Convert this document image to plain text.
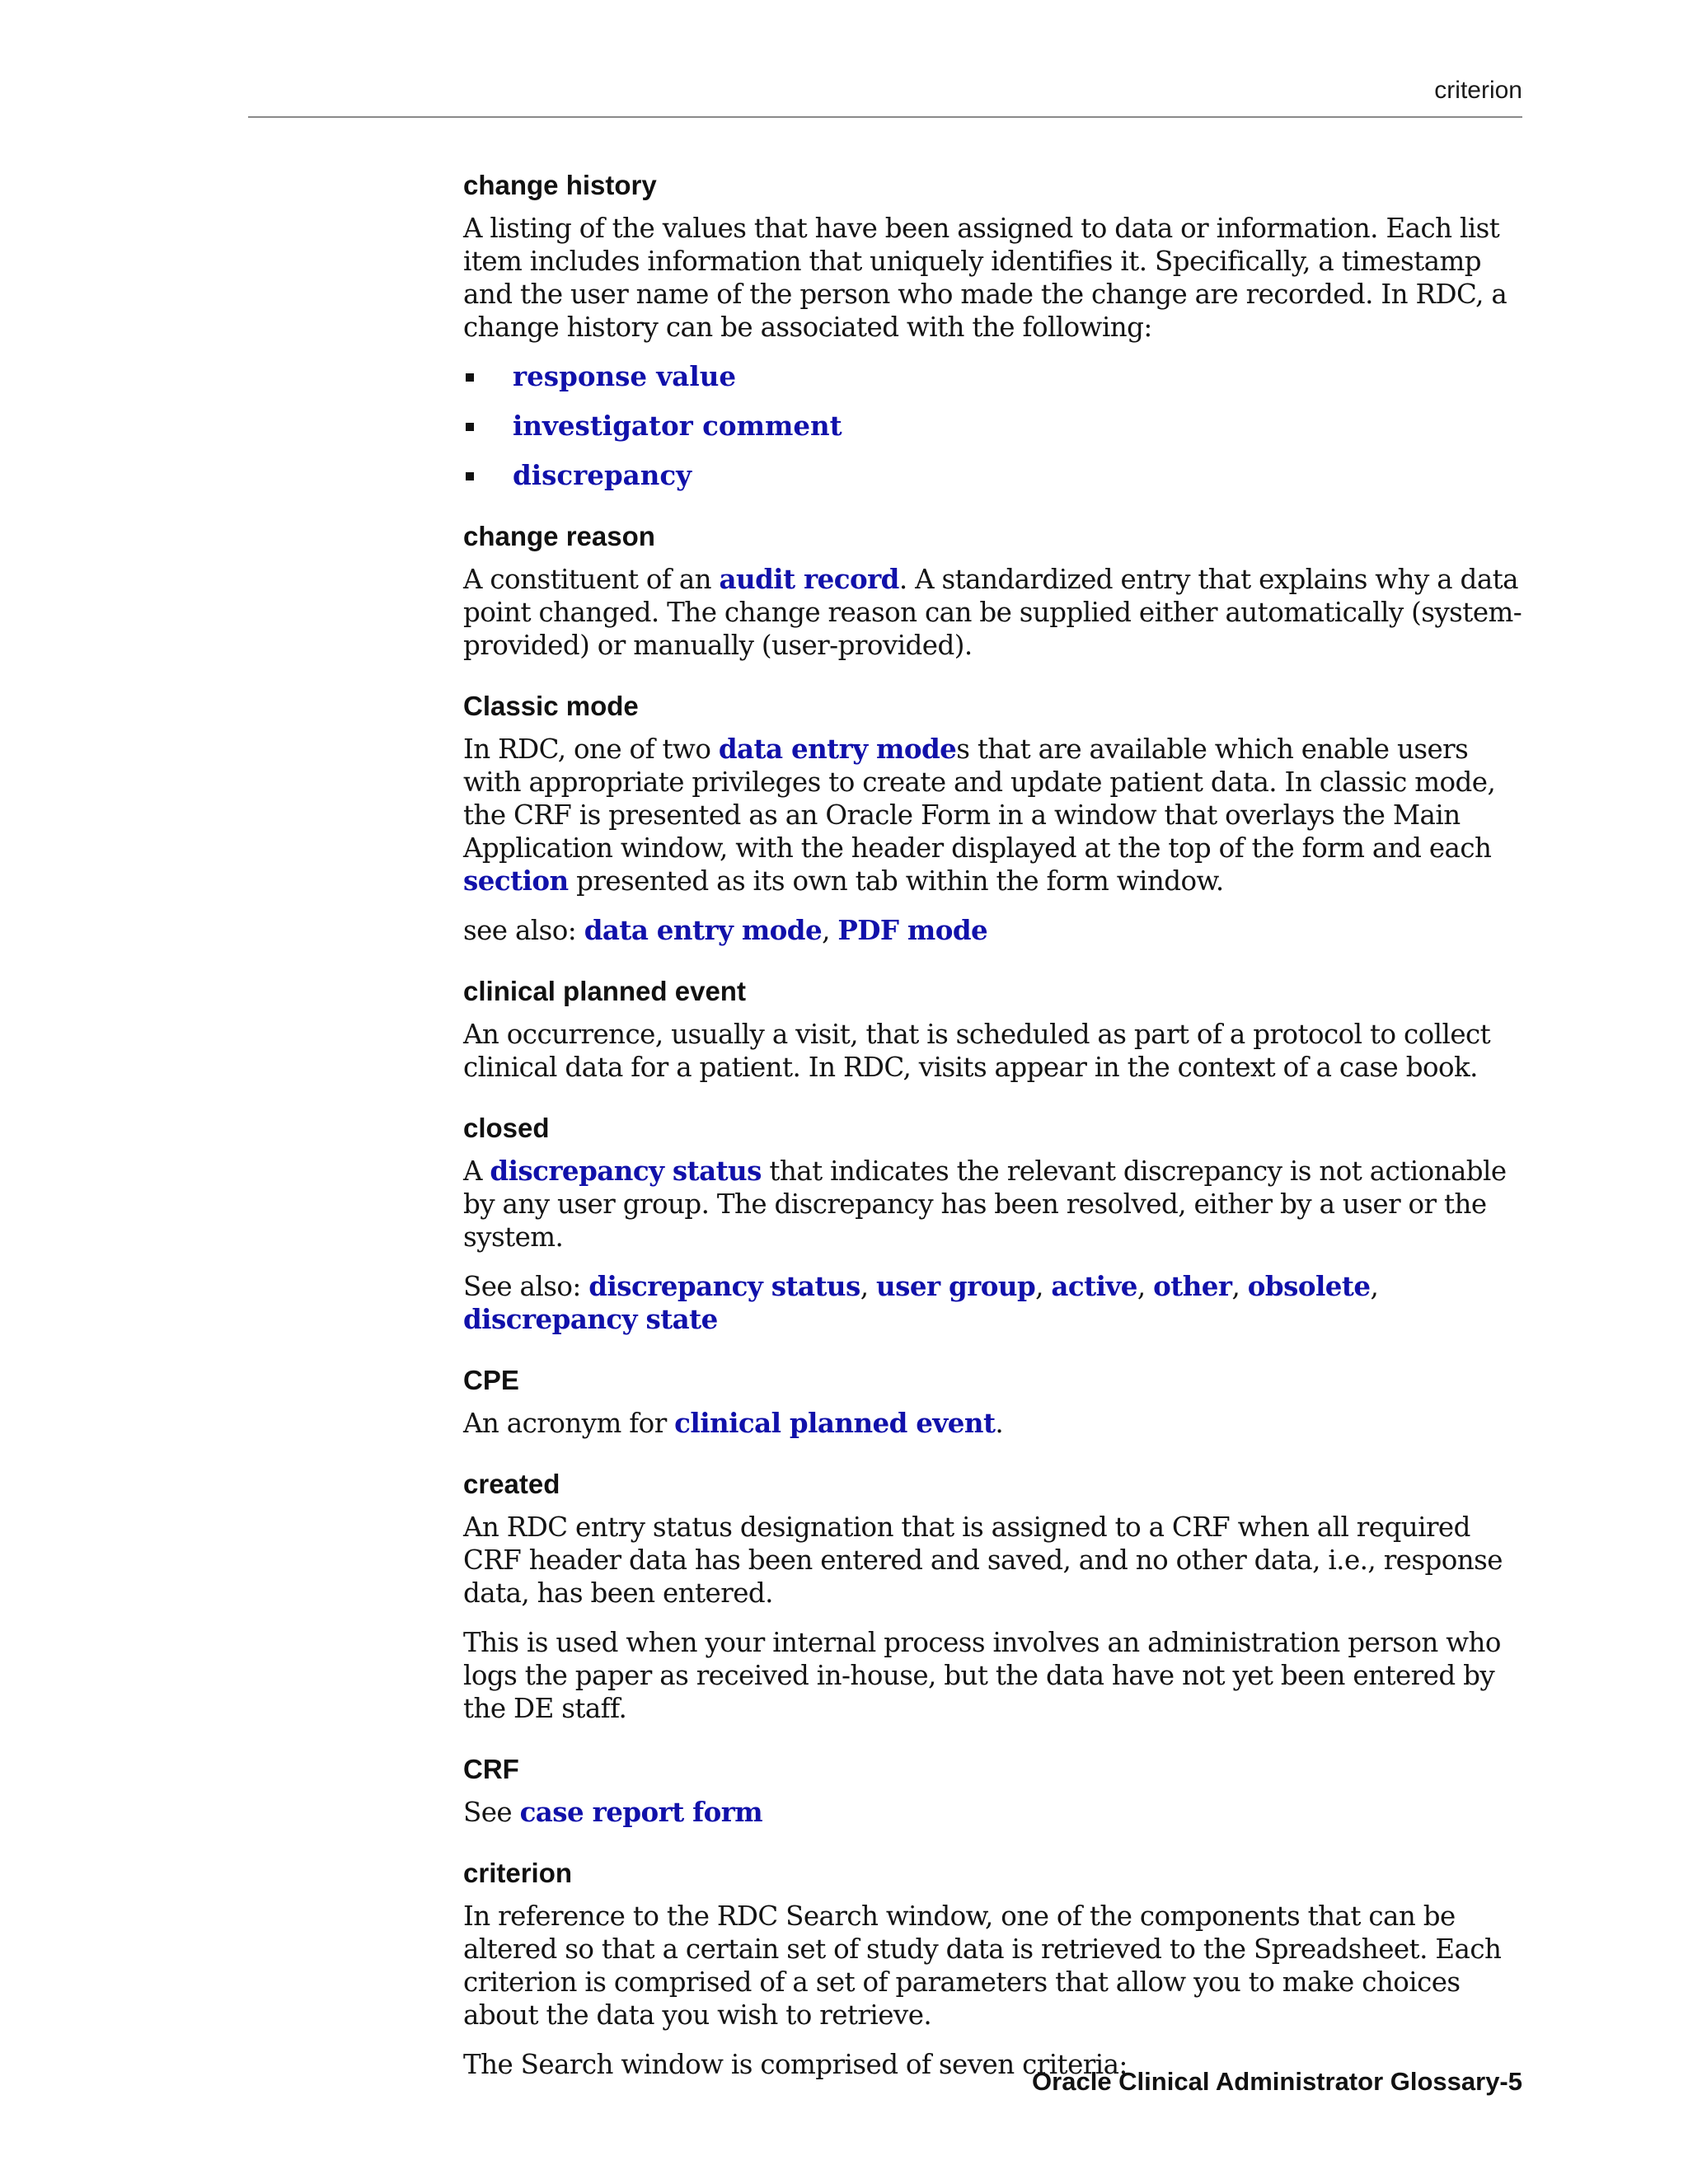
criterion
change history

A listing of the values that have been assigned to data or information. Each list item includes information that uniquely identifies it. Specifically, a timestamp and the user name of the person who made the change are recorded. In RDC, a change history can be associated with the following:

response value
investigator comment
discrepancy
change reason

A constituent of an audit record. A standardized entry that explains why a data point changed. The change reason can be supplied either automatically (system-provided) or manually (user-provided).

Classic mode

In RDC, one of two data entry modes that are available which enable users with appropriate privileges to create and update patient data. In classic mode, the CRF is presented as an Oracle Form in a window that overlays the Main Application window, with the header displayed at the top of the form and each section presented as its own tab within the form window.

see also: data entry mode, PDF mode

clinical planned event

An occurrence, usually a visit, that is scheduled as part of a protocol to collect clinical data for a patient. In RDC, visits appear in the context of a case book.

closed

A discrepancy status that indicates the relevant discrepancy is not actionable by any user group. The discrepancy has been resolved, either by a user or the system.

See also: discrepancy status, user group, active, other, obsolete, discrepancy state

CPE

An acronym for clinical planned event.

created

An RDC entry status designation that is assigned to a CRF when all required CRF header data has been entered and saved, and no other data, i.e., response data, has been entered.

This is used when your internal process involves an administration person who logs the paper as received in-house, but the data have not yet been entered by the DE staff.

CRF

See case report form

criterion

In reference to the RDC Search window, one of the components that can be altered so that a certain set of study data is retrieved to the Spreadsheet. Each criterion is comprised of a set of parameters that allow you to make choices about the data you wish to retrieve.

The Search window is comprised of seven criteria:

Oracle Clinical Administrator Glossary-5
